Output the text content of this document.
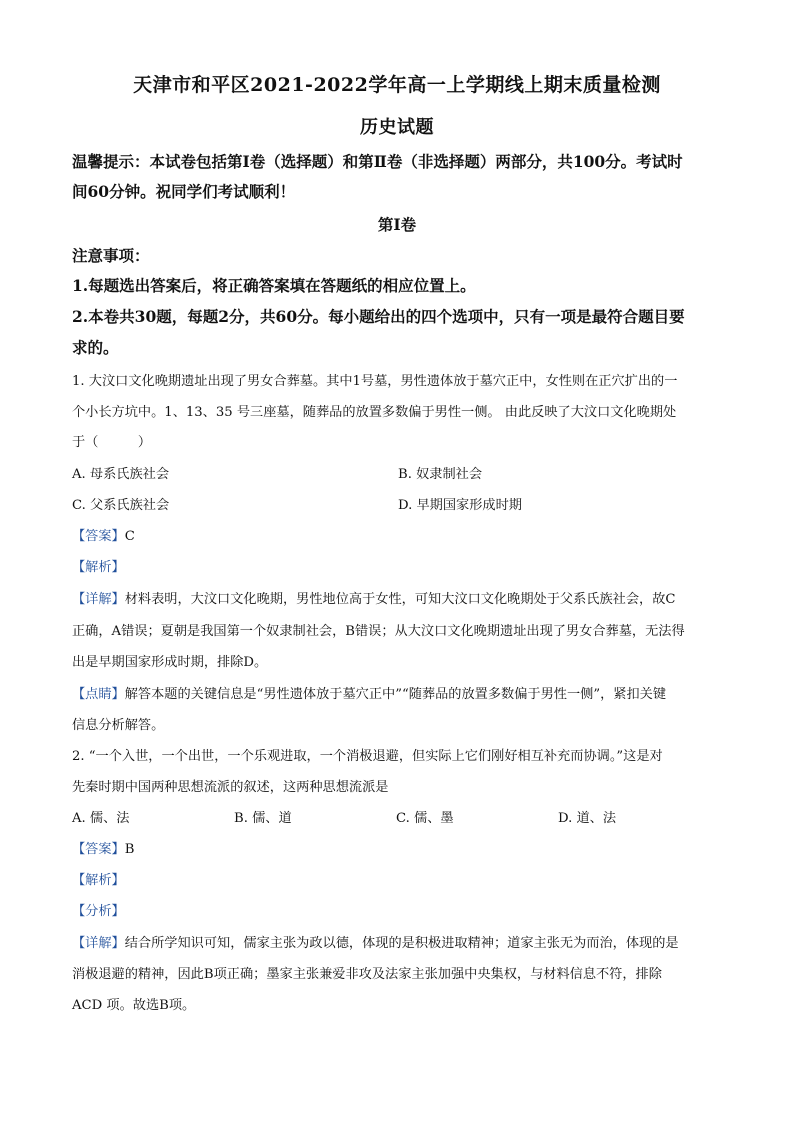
天津市和平区2021-2022学年高一上学期线上期末质量检测
历史试题
温馨提示：本试卷包括第Ⅰ卷（选择题）和第Ⅱ卷（非选择题）两部分，共100分。考试时
间60分钟。祝同学们考试顺利！
第Ⅰ卷
注意事项：
1.每题选出答案后，将正确答案填在答题纸的相应位置上。
2.本卷共30题，每题2分，共60分。每小题给出的四个选项中，只有一项是最符合题目要
求的。
1. 大汶口文化晚期遗址出现了男女合葬墓。其中1号墓，男性遗体放于墓穴正中，女性则在正穴扩出的一
个小长方坑中。1、13、35 号三座墓，随葬品的放置多数偏于男性一侧。 由此反映了大汶口文化晚期处
于（　　　）
A. 母系氏族社会	B. 奴隶制社会
C. 父系氏族社会	D. 早期国家形成时期
【答案】C
【解析】
【详解】材料表明，大汶口文化晚期，男性地位高于女性，可知大汶口文化晚期处于父系氏族社会，故C
正确，A错误；夏朝是我国第一个奴隶制社会，B错误；从大汶口文化晚期遗址出现了男女合葬墓，无法得
出是早期国家形成时期，排除D。
【点睛】解答本题的关键信息是“男性遗体放于墓穴正中”“随葬品的放置多数偏于男性一侧”，紧扣关键
信息分析解答。
2. “一个入世，一个出世，一个乐观进取，一个消极退避，但实际上它们刚好相互补充而协调。”这是对
先秦时期中国两种思想流派的叙述，这两种思想流派是
A. 儒、法	B. 儒、道	C. 儒、墨	D. 道、法
【答案】B
【解析】
【分析】
【详解】结合所学知识可知，儒家主张为政以德，体现的是积极进取精神；道家主张无为而治，体现的是
消极退避的精神，因此B项正确；墨家主张兼爱非攻及法家主张加强中央集权，与材料信息不符，排除
ACD 项。故选B项。
